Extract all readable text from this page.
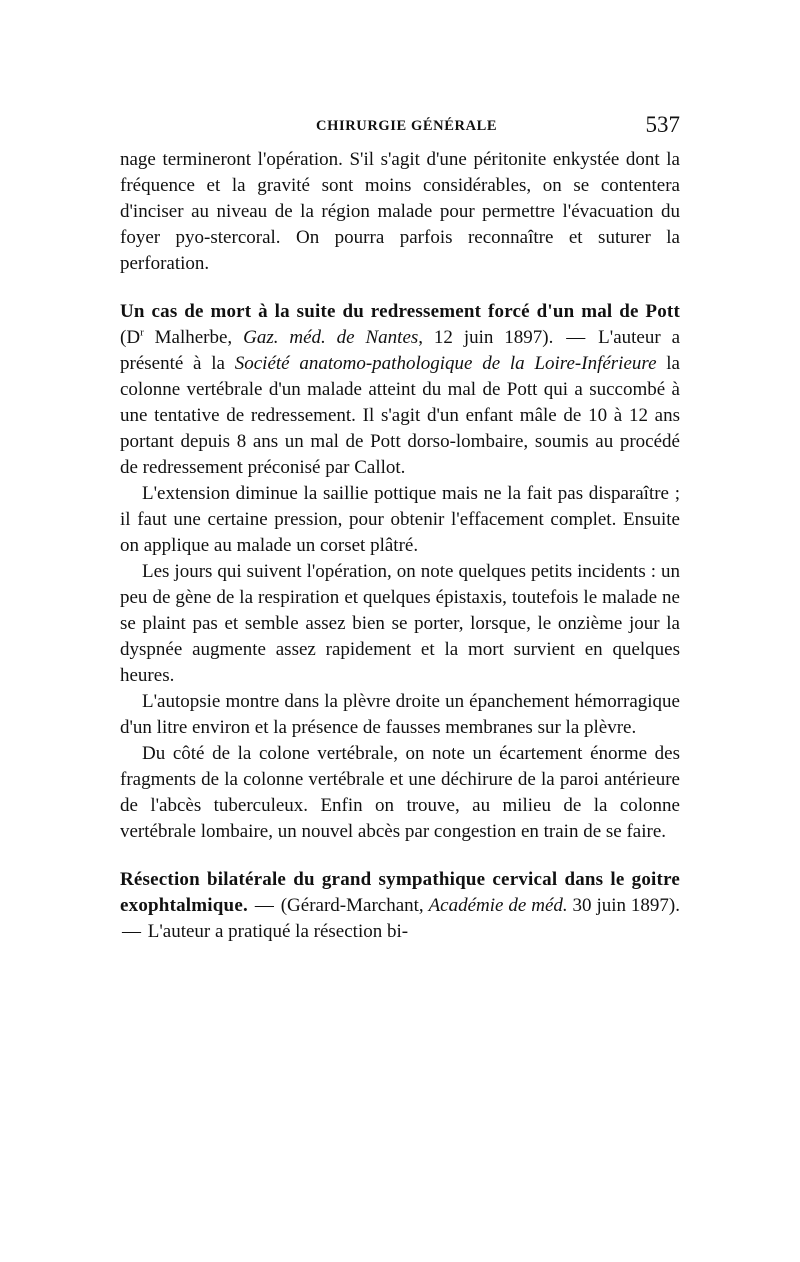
CHIRURGIE GÉNÉRALE	537

nage termineront l'opération. S'il s'agit d'une péritonite enkystée dont la fréquence et la gravité sont moins considérables, on se contentera d'inciser au niveau de la région malade pour permettre l'évacuation du foyer pyo-stercoral. On pourra parfois reconnaître et suturer la perforation.

Un cas de mort à la suite du redressement forcé d'un mal de Pott ($D^r$ Malherbe, Gaz. méd. de Nantes, 12 juin 1897). — L'auteur a présenté à la Société anatomo-pathologique de la Loire-Inférieure la colonne vertébrale d'un malade atteint du mal de Pott qui a succombé à une tentative de redressement. Il s'agit d'un enfant mâle de 10 à 12 ans portant depuis 8 ans un mal de Pott dorso-lombaire, soumis au procédé de redressement préconisé par Callot.

L'extension diminue la saillie pottique mais ne la fait pas disparaître ; il faut une certaine pression, pour obtenir l'effacement complet. Ensuite on applique au malade un corset plâtré.

Les jours qui suivent l'opération, on note quelques petits incidents : un peu de gène de la respiration et quelques épistaxis, toutefois le malade ne se plaint pas et semble assez bien se porter, lorsque, le onzième jour la dyspnée augmente assez rapidement et la mort survient en quelques heures.

L'autopsie montre dans la plèvre droite un épanchement hémorragique d'un litre environ et la présence de fausses membranes sur la plèvre.

Du côté de la colone vertébrale, on note un écartement énorme des fragments de la colonne vertébrale et une déchirure de la paroi antérieure de l'abcès tuberculeux. Enfin on trouve, au milieu de la colonne vertébrale lombaire, un nouvel abcès par congestion en train de se faire.

Résection bilatérale du grand sympathique cervical dans le goitre exophtalmique. — (Gérard-Marchant, Académie de méd. 30 juin 1897). — L'auteur a pratiqué la résection bi-
